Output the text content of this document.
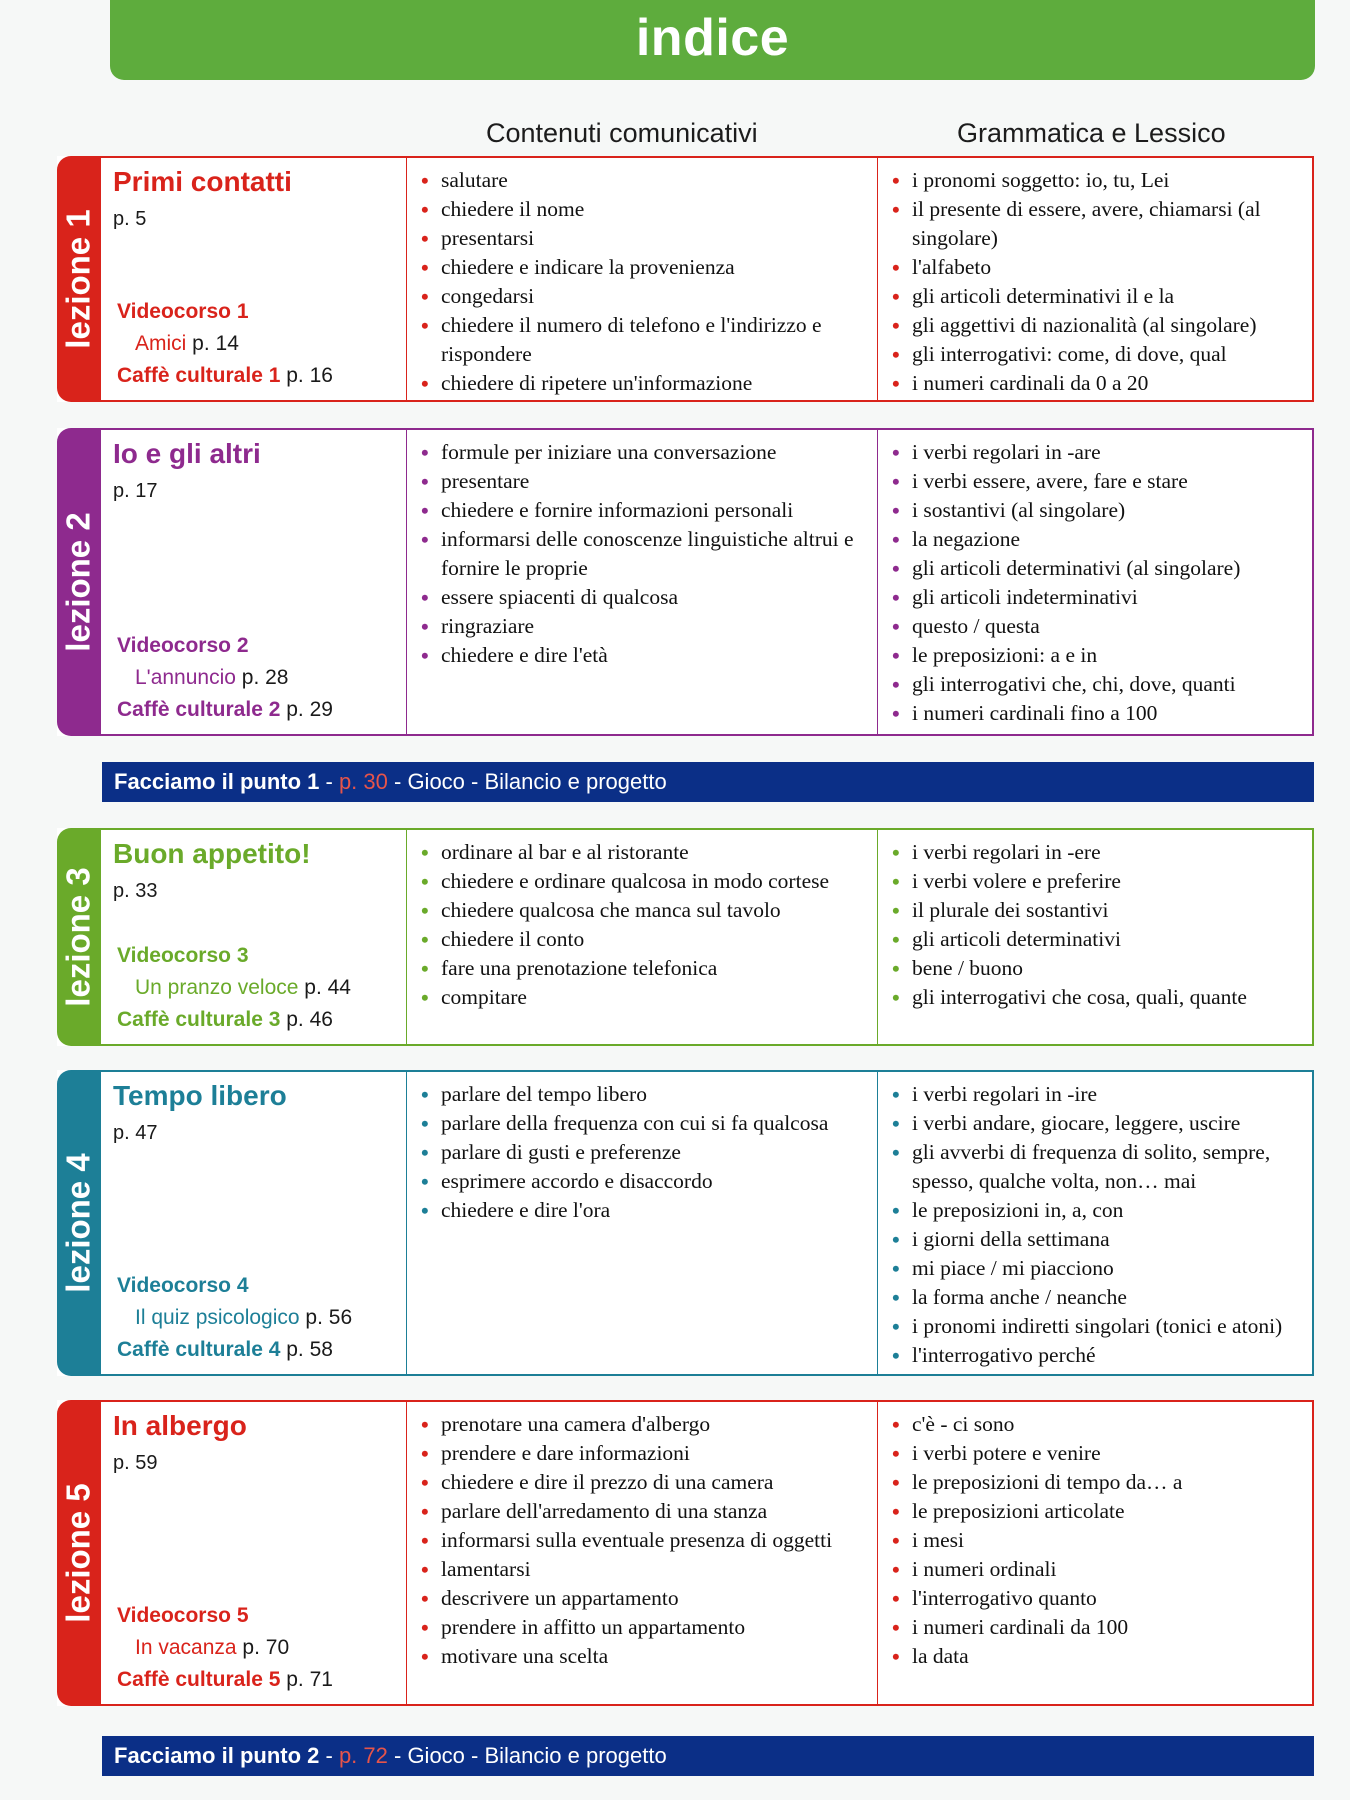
indice
Contenuti comunicativi	Grammatica e Lessico
lezione 1
Primi contatti
p. 5
Videocorso 1
Amici p. 14
Caffè culturale 1 p. 16
• salutare
• chiedere il nome
• presentarsi
• chiedere e indicare la provenienza
• congedarsi
• chiedere il numero di telefono e l'indirizzo e rispondere
• chiedere di ripetere un'informazione
• i pronomi soggetto: io, tu, Lei
• il presente di essere, avere, chiamarsi (al singolare)
• l'alfabeto
• gli articoli determinativi il e la
• gli aggettivi di nazionalità (al singolare)
• gli interrogativi: come, di dove, qual
• i numeri cardinali da 0 a 20
lezione 2
Io e gli altri
p. 17
Videocorso 2
L'annuncio p. 28
Caffè culturale 2 p. 29
• formule per iniziare una conversazione
• presentare
• chiedere e fornire informazioni personali
• informarsi delle conoscenze linguistiche altrui e fornire le proprie
• essere spiacenti di qualcosa
• ringraziare
• chiedere e dire l'età
• i verbi regolari in -are
• i verbi essere, avere, fare e stare
• i sostantivi (al singolare)
• la negazione
• gli articoli determinativi (al singolare)
• gli articoli indeterminativi
• questo / questa
• le preposizioni: a e in
• gli interrogativi che, chi, dove, quanti
• i numeri cardinali fino a 100
Facciamo il punto 1 - p. 30 - Gioco - Bilancio e progetto
lezione 3
Buon appetito!
p. 33
Videocorso 3
Un pranzo veloce p. 44
Caffè culturale 3 p. 46
• ordinare al bar e al ristorante
• chiedere e ordinare qualcosa in modo cortese
• chiedere qualcosa che manca sul tavolo
• chiedere il conto
• fare una prenotazione telefonica
• compitare
• i verbi regolari in -ere
• i verbi volere e preferire
• il plurale dei sostantivi
• gli articoli determinativi
• bene / buono
• gli interrogativi che cosa, quali, quante
lezione 4
Tempo libero
p. 47
Videocorso 4
Il quiz psicologico p. 56
Caffè culturale 4 p. 58
• parlare del tempo libero
• parlare della frequenza con cui si fa qualcosa
• parlare di gusti e preferenze
• esprimere accordo e disaccordo
• chiedere e dire l'ora
• i verbi regolari in -ire
• i verbi andare, giocare, leggere, uscire
• gli avverbi di frequenza di solito, sempre, spesso, qualche volta, non… mai
• le preposizioni in, a, con
• i giorni della settimana
• mi piace / mi piacciono
• la forma anche / neanche
• i pronomi indiretti singolari (tonici e atoni)
• l'interrogativo perché
lezione 5
In albergo
p. 59
Videocorso 5
In vacanza p. 70
Caffè culturale 5 p. 71
• prenotare una camera d'albergo
• prendere e dare informazioni
• chiedere e dire il prezzo di una camera
• parlare dell'arredamento di una stanza
• informarsi sulla eventuale presenza di oggetti
• lamentarsi
• descrivere un appartamento
• prendere in affitto un appartamento
• motivare una scelta
• c'è - ci sono
• i verbi potere e venire
• le preposizioni di tempo da… a
• le preposizioni articolate
• i mesi
• i numeri ordinali
• l'interrogativo quanto
• i numeri cardinali da 100
• la data
Facciamo il punto 2 - p. 72 - Gioco - Bilancio e progetto
